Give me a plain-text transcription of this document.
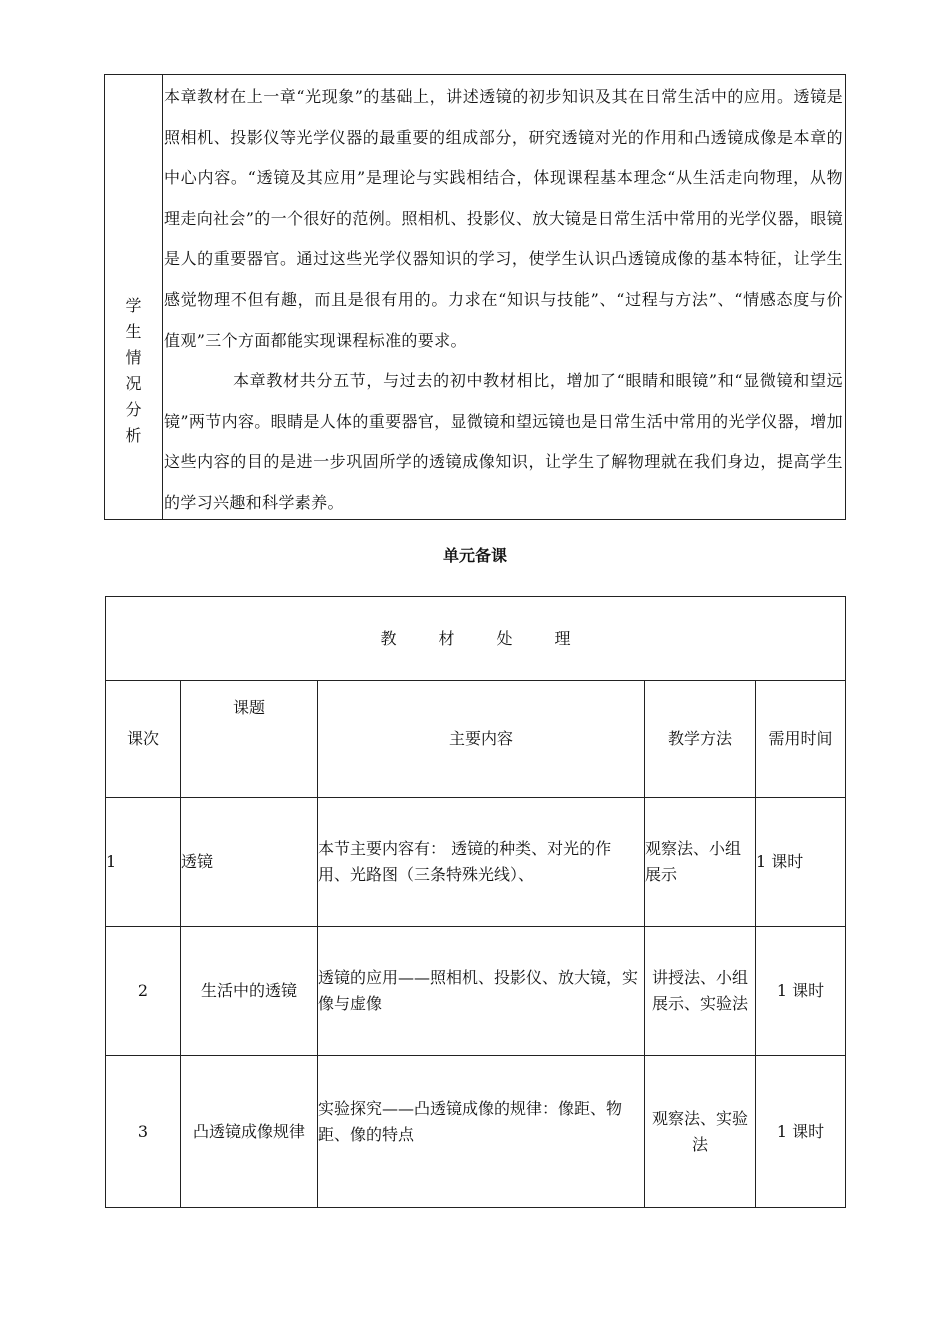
学
生
情
况
分
析

本章教材在上一章“光现象”的基础上，讲述透镜的初步知识及其在日常生活中的应用。透镜是照相机、投影仪等光学仪器的最重要的组成部分，研究透镜对光的作用和凸透镜成像是本章的中心内容。“透镜及其应用”是理论与实践相结合，体现课程基本理念“从生活走向物理，从物理走向社会”的一个很好的范例。照相机、投影仪、放大镜是日常生活中常用的光学仪器，眼镜是人的重要器官。通过这些光学仪器知识的学习，使学生认识凸透镜成像的基本特征，让学生感觉物理不但有趣，而且是很有用的。力求在“知识与技能”、“过程与方法”、“情感态度与价值观”三个方面都能实现课程标准的要求。

本章教材共分五节，与过去的初中教材相比，增加了“眼睛和眼镜”和“显微镜和望远镜”两节内容。眼睛是人体的重要器官，显微镜和望远镜也是日常生活中常用的光学仪器，增加这些内容的目的是进一步巩固所学的透镜成像知识，让学生了解物理就在我们身边，提高学生的学习兴趣和科学素养。

单元备课
教材处理				
课次	课题	主要内容	教学方法	需用时间
1	透镜	本节主要内容有： 透镜的种类、对光的作用、光路图（三条特殊光线）、	观察法、小组展示	1 课时
2	生活中的透镜	透镜的应用——照相机、投影仪、放大镜，实像与虚像	讲授法、小组展示、实验法	1 课时
3	凸透镜成像规律	实验探究——凸透镜成像的规律：像距、物距、像的特点	观察法、实验法	1 课时
